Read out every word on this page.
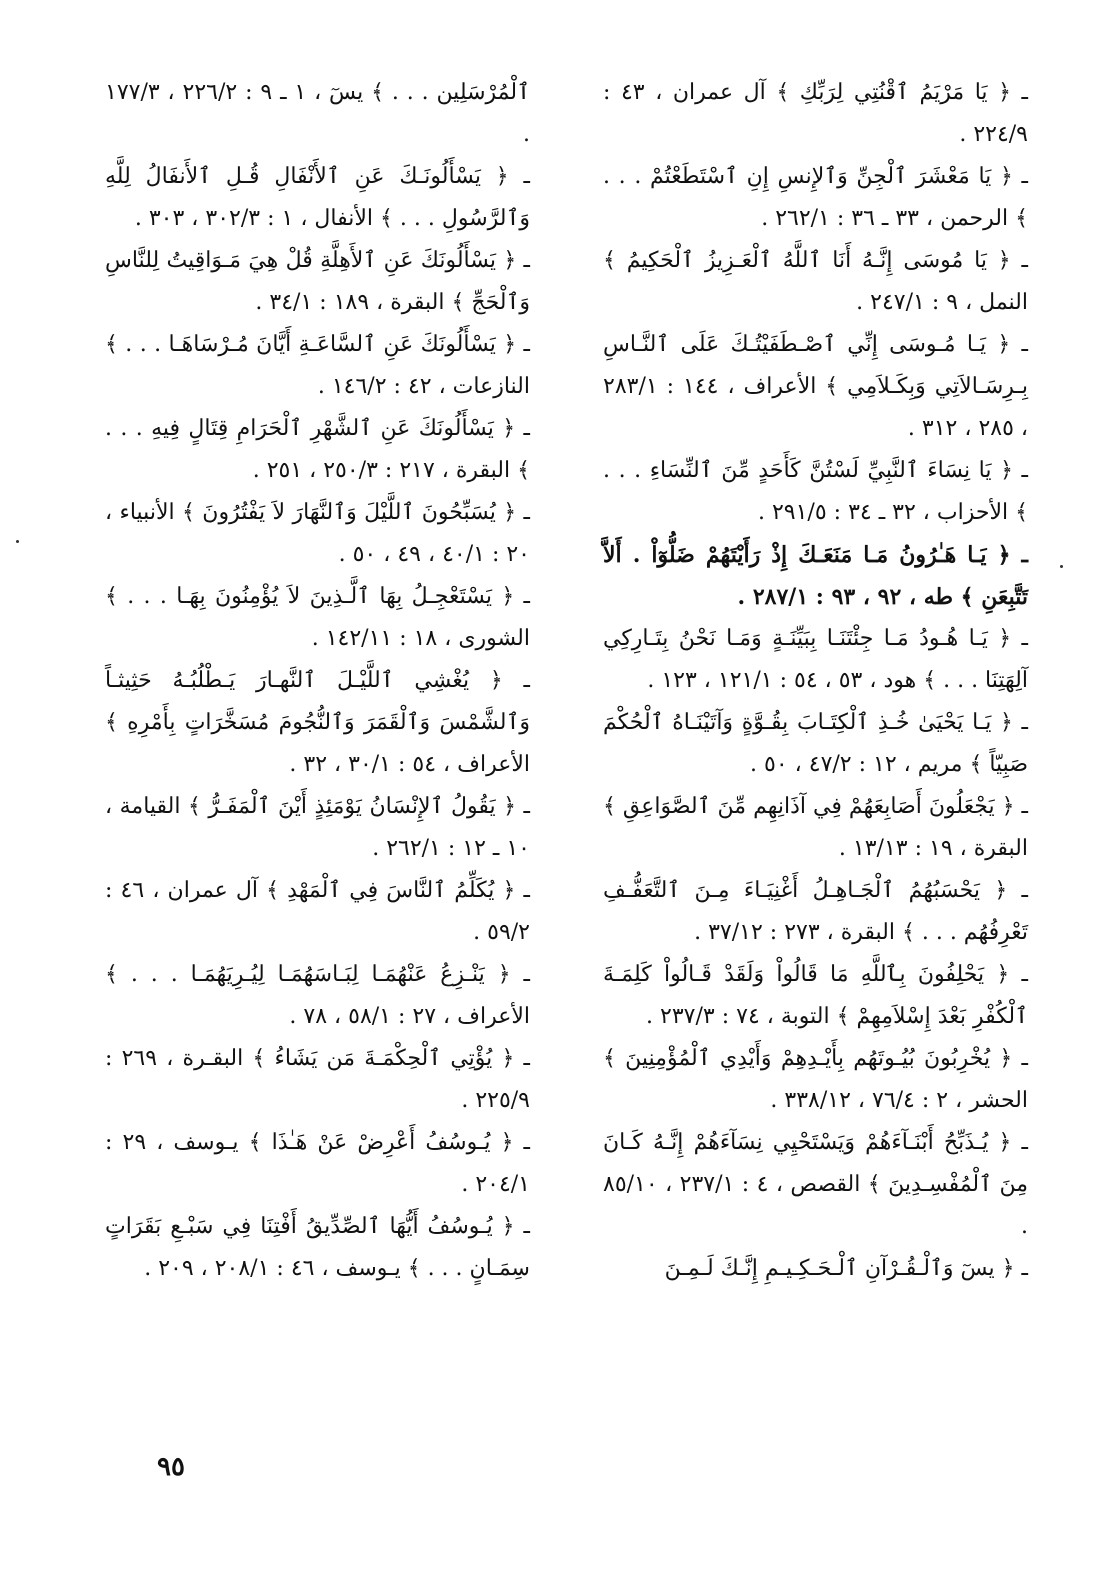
ـ ﴿ يَا مَرْيَمُ ٱقْنُتِي لِرَبِّكِ ﴾ آل عمران ، ٤٣ : ٢٢٤/٩ .

ـ ﴿ يَا مَعْشَرَ ٱلْجِنِّ وَٱلإِنسِ إِنِ ٱسْتَطَعْتُمْ . . . ﴾ الرحمن ، ٣٣ ـ ٣٦ : ٢٦٢/١ .

ـ ﴿ يَا مُوسَى إِنَّـهُ أَنَا ٱللَّهُ ٱلْعَـزِيزُ ٱلْحَكِيمُ ﴾ النمل ، ٩ : ٢٤٧/١ .

ـ ﴿ يَـا مُـوسَى إِنِّي ٱصْـطَفَيْتُـكَ عَلَى ٱلنَّـاسِ بِـرِسَـالاَتِي وَبِكَـلاَمِي ﴾ الأعراف ، ١٤٤ : ٢٨٣/١ ، ٢٨٥ ، ٣١٢ .

ـ ﴿ يَا نِسَاءَ ٱلنَّبِيِّ لَسْتُنَّ كَأَحَدٍ مِّنَ ٱلنِّسَاءِ . . . ﴾ الأحزاب ، ٣٢ ـ ٣٤ : ٢٩١/٥ .

ـ ﴿ يَـا هَـٰرُونُ مَـا مَنَعَـكَ إِذْ رَأَيْتَهُمْ ضَلُّوٓاْ . أَلاَّ تَتَّبِعَنِ ﴾ طه ، ٩٢ ، ٩٣ : ٢٨٧/١ .

ـ ﴿ يَـا هُـودُ مَـا جِئْتَنَـا بِبَيِّنَـةٍ وَمَـا نَحْنُ بِتَـارِكِي آلِهَتِنَا . . . ﴾ هود ، ٥٣ ، ٥٤ : ١٢١/١ ، ١٢٣ .

ـ ﴿ يَـا يَحْيَىٰ خُـذِ ٱلْكِتَـابَ بِقُـوَّةٍ وَآتَيْنَـاهُ ٱلْحُكْمَ صَبِيّاً ﴾ مريم ، ١٢ : ٤٧/٢ ، ٥٠ .

ـ ﴿ يَجْعَلُونَ أَصَابِعَهُمْ فِي آذَانِهِم مِّنَ ٱلصَّوَاعِقِ ﴾ البقرة ، ١٩ : ١٣/١٣ .

ـ ﴿ يَحْسَبُهُمُ ٱلْجَـاهِـلُ أَغْنِيَـاءَ مِـنَ ٱلتَّعَفُّـفِ تَعْرِفُهُم . . . ﴾ البقرة ، ٢٧٣ : ٣٧/١٢ .

ـ ﴿ يَحْلِفُونَ بِٱللَّهِ مَا قَالُواْ وَلَقَدْ قَـالُواْ كَلِمَـةَ ٱلْكُفْرِ بَعْدَ إِسْلاَمِهِمْ ﴾ التوبة ، ٧٤ : ٢٣٧/٣ .

ـ ﴿ يُخْرِبُونَ بُيُـوتَهُم بِأَيْـدِهِمْ وَأَيْدِي ٱلْمُؤْمِنِينَ ﴾ الحشر ، ٢ : ٧٦/٤ ، ٣٣٨/١٢ .

ـ ﴿ يُـذَبِّحُ أَبْنَـآءَهُمْ وَيَسْتَحْيِي نِسَآءَهُمْ إِنَّـهُ كَـانَ مِنَ ٱلْمُفْسِـدِينَ ﴾ القصص ، ٤ : ٢٣٧/١ ، ٨٥/١٠ .

ـ ﴿ يسٓ وَٱلْـقُـرْآنِ ٱلْـحَـكِـيـمِ إِنَّـكَ لَـمِـنَ

ٱلْمُرْسَلِين . . . ﴾ يسٓ ، ١ ـ ٩ : ٢٢٦/٢ ، ١٧٧/٣ .

ـ ﴿ يَسْأَلُونَـكَ عَنِ ٱلأَنْفَالِ قُـلِ ٱلأَنفَالُ لِلَّهِ وَٱلرَّسُولِ . . . ﴾ الأنفال ، ١ : ٣٠٢/٣ ، ٣٠٣ .

ـ ﴿ يَسْأَلُونَكَ عَنِ ٱلأَهِلَّةِ قُلْ هِيَ مَـوَاقِيتُ لِلنَّاسِ وَٱلْحَجِّ ﴾ البقرة ، ١٨٩ : ٣٤/١ .

ـ ﴿ يَسْأَلُونَكَ عَنِ ٱلسَّاعَـةِ أَيَّانَ مُـرْسَاهَـا . . . ﴾ النازعات ، ٤٢ : ١٤٦/٢ .

ـ ﴿ يَسْأَلُونَكَ عَنِ ٱلشَّهْرِ ٱلْحَرَامِ قِتَالٍ فِيهِ . . . ﴾ البقرة ، ٢١٧ : ٢٥٠/٣ ، ٢٥١ .

ـ ﴿ يُسَبِّحُونَ ٱللَّيْلَ وَٱلنَّهَارَ لاَ يَفْتُرُونَ ﴾ الأنبياء ، ٢٠ : ٤٠/١ ، ٤٩ ، ٥٠ .

ـ ﴿ يَسْتَعْجِـلُ بِهَا ٱلَّـذِينَ لاَ يُؤْمِنُونَ بِهَـا . . . ﴾ الشورى ، ١٨ : ١٤٢/١١ .

ـ ﴿ يُغْشِي ٱللَّيْـلَ ٱلنَّهـارَ يَـطْلُبُـهُ حَثِيثـاً وَٱلشَّمْسَ وَٱلْقَمَرَ وَٱلنُّجُومَ مُسَخَّرَاتٍ بِأَمْرِهِ ﴾ الأعراف ، ٥٤ : ٣٠/١ ، ٣٢ .

ـ ﴿ يَقُولُ ٱلإِنْسَانُ يَوْمَئِذٍ أَيْنَ ٱلْمَفَـرُّ ﴾ القيامة ، ١٠ ـ ١٢ : ٢٦٢/١ .

ـ ﴿ يُكَلِّمُ ٱلنَّاسَ فِي ٱلْمَهْدِ ﴾ آل عمران ، ٤٦ : ٥٩/٢ .

ـ ﴿ يَنْـزِعُ عَنْهُمَـا لِبَـاسَهُمَـا لِيُـرِيَهُمَـا . . . ﴾ الأعراف ، ٢٧ : ٥٨/١ ، ٧٨ .

ـ ﴿ يُؤْتِي ٱلْحِكْمَـةَ مَن يَشَاءُ ﴾ البقـرة ، ٢٦٩ : ٢٢٥/٩ .

ـ ﴿ يُـوسُفُ أَعْرِضْ عَنْ هَـٰذَا ﴾ يـوسف ، ٢٩ : ٢٠٤/١ .

ـ ﴿ يُـوسُفُ أَيُّهَا ٱلصِّدِّيقُ أَفْتِنَا فِي سَبْـعِ بَقَرَاتٍ سِمَـانٍ . . . ﴾ يـوسف ، ٤٦ : ٢٠٨/١ ، ٢٠٩ .

٩٥
